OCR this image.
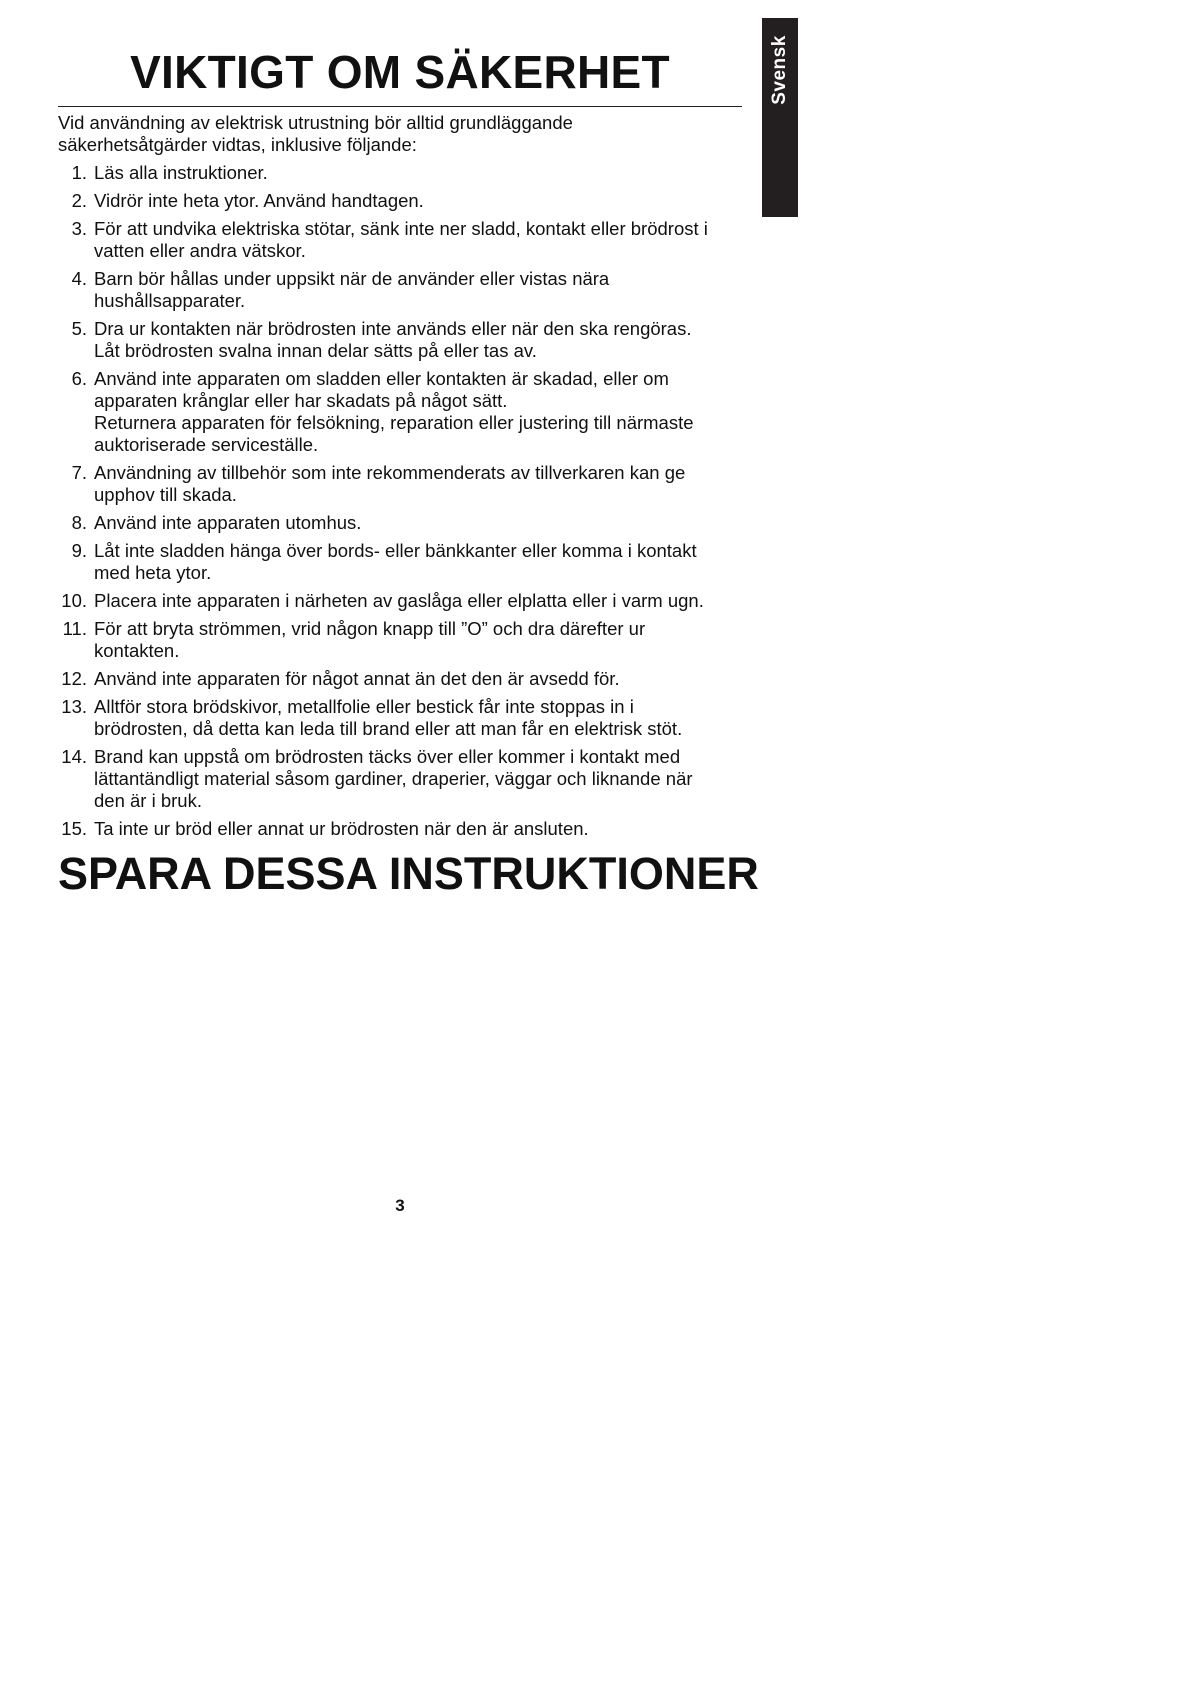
Svensk
VIKTIGT OM SÄKERHET

Vid användning av elektrisk utrustning bör alltid grundläggande
säkerhetsåtgärder vidtas, inklusive följande:

1. Läs alla instruktioner.
2. Vidrör inte heta ytor. Använd handtagen.
3. För att undvika elektriska stötar, sänk inte ner sladd, kontakt eller brödrost i
vatten eller andra vätskor.
4. Barn bör hållas under uppsikt när de använder eller vistas nära
hushållsapparater.
5. Dra ur kontakten när brödrosten inte används eller när den ska rengöras.
Låt brödrosten svalna innan delar sätts på eller tas av.
6. Använd inte apparaten om sladden eller kontakten är skadad, eller om
apparaten krånglar eller har skadats på något sätt.
Returnera apparaten för felsökning, reparation eller justering till närmaste
auktoriserade serviceställe.
7. Användning av tillbehör som inte rekommenderats av tillverkaren kan ge
upphov till skada.
8. Använd inte apparaten utomhus.
9. Låt inte sladden hänga över bords- eller bänkkanter eller komma i kontakt
med heta ytor.
10. Placera inte apparaten i närheten av gaslåga eller elplatta eller i varm ugn.
11. För att bryta strömmen, vrid någon knapp till ”O” och dra därefter ur
kontakten.
12. Använd inte apparaten för något annat än det den är avsedd för.
13. Alltför stora brödskivor, metallfolie eller bestick får inte stoppas in i
brödrosten, då detta kan leda till brand eller att man får en elektrisk stöt.
14. Brand kan uppstå om brödrosten täcks över eller kommer i kontakt med
lättantändligt material såsom gardiner, draperier, väggar och liknande när
den är i bruk.
15. Ta inte ur bröd eller annat ur brödrosten när den är ansluten.
SPARA DESSA INSTRUKTIONER
3
